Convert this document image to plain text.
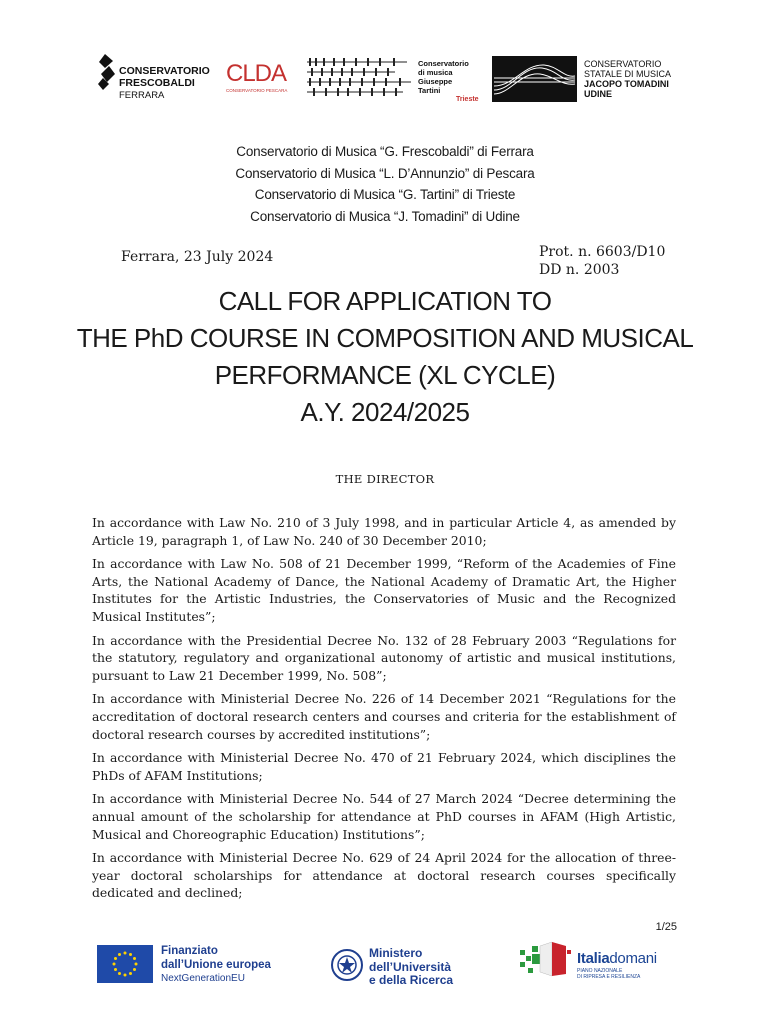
CONSERVATORIO
FRESCOBALDI
FERRARA
CLDA
CONSERVATORIO PESCARA
Conservatorio
di musica
Giuseppe
Tartini
Trieste
CONSERVATORIO
STATALE DI MUSICA
JACOPO TOMADINI
UDINE
Conservatorio di Musica “G. Frescobaldi” di Ferrara
Conservatorio di Musica “L. D’Annunzio” di Pescara
Conservatorio di Musica “G. Tartini” di Trieste
Conservatorio di Musica “J. Tomadini” di Udine
Ferrara, 23 July 2024	Prot. n. 6603/D10
DD n. 2003
CALL FOR APPLICATION TO
THE PhD COURSE IN COMPOSITION AND MUSICAL
PERFORMANCE (XL CYCLE)
A.Y. 2024/2025
THE DIRECTOR

In accordance with Law No. 210 of 3 July 1998, and in particular Article 4, as amended by Article 19, paragraph 1, of Law No. 240 of 30 December 2010;

In accordance with Law No. 508 of 21 December 1999, “Reform of the Academies of Fine Arts, the National Academy of Dance, the National Academy of Dramatic Art, the Higher Institutes for the Artistic Industries, the Conservatories of Music and the Recognized Musical Institutes”;

In accordance with the Presidential Decree No. 132 of 28 February 2003 “Regulations for the statutory, regulatory and organizational autonomy of artistic and musical institutions, pursuant to Law 21 December 1999, No. 508”;

In accordance with Ministerial Decree No. 226 of 14 December 2021 “Regulations for the accreditation of doctoral research centers and courses and criteria for the establishment of doctoral research courses by accredited institutions”;

In accordance with Ministerial Decree No. 470 of 21 February 2024, which disciplines the PhDs of AFAM Institutions;

In accordance with Ministerial Decree No. 544 of 27 March 2024 “Decree determining the annual amount of the scholarship for attendance at PhD courses in AFAM (High Artistic, Musical and Choreographic Education) Institutions”;

In accordance with Ministerial Decree No. 629 of 24 April 2024 for the allocation of three-year doctoral scholarships for attendance at doctoral research courses specifically dedicated and declined;

1/25
Finanziato
dall’Unione europea
NextGenerationEU
Ministero
dell’Università
e della Ricerca
Italiadomani
PIANO NAZIONALE
DI RIPRESA E RESILIENZA
